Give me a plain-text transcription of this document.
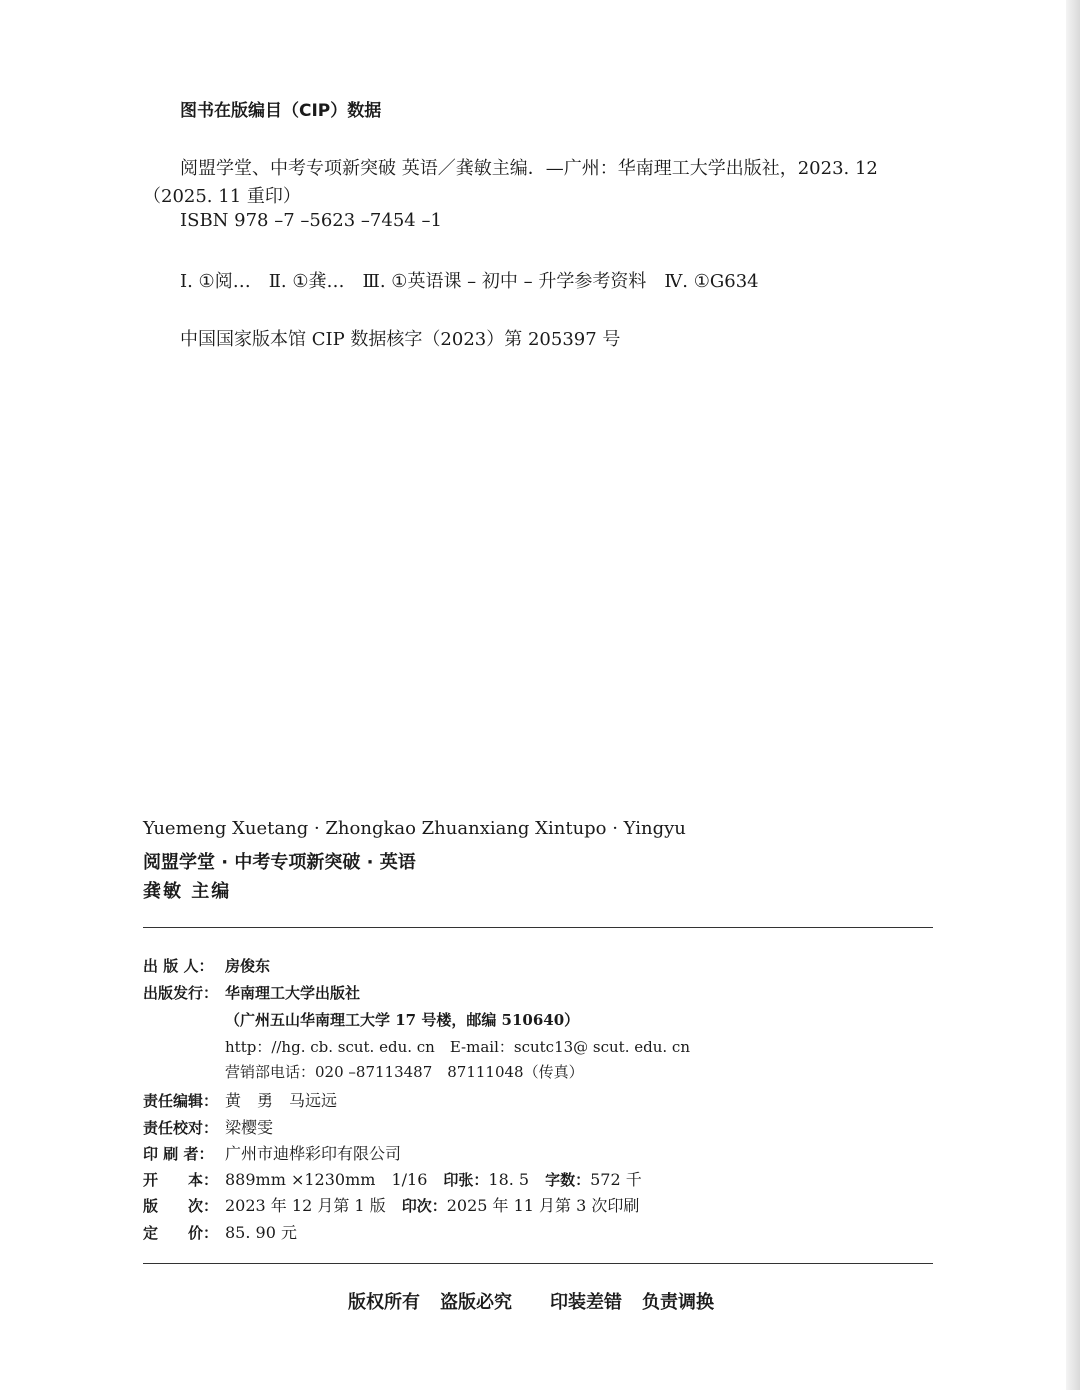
图书在版编目（CIP）数据
阅盟学堂、中考专项新突破 英语／龚敏主编．—广州：华南理工大学出版社，2023. 12
（2025. 11 重印）
ISBN 978 –7 –5623 –7454 –1
Ⅰ. ①阅…　Ⅱ. ①龚…　Ⅲ. ①英语课 – 初中 – 升学参考资料　Ⅳ. ①G634
中国国家版本馆 CIP 数据核字（2023）第 205397 号
Yuemeng Xuetang · Zhongkao Zhuanxiang Xintupo · Yingyu
阅盟学堂 · 中考专项新突破 · 英语
龚敏 主编
出 版 人： 房俊东
出版发行： 华南理工大学出版社
（广州五山华南理工大学 17 号楼，邮编 510640）
http：//hg. cb. scut. edu. cn　E-mail：scutc13@ scut. edu. cn
营销部电话：020 –87113487　87111048（传真）
责任编辑： 黄　勇　马远远
责任校对： 梁樱雯
印 刷 者： 广州市迪桦彩印有限公司
开　　本： 889mm ×1230mm　1/16　印张：18. 5　字数：572 千
版　　次： 2023 年 12 月第 1 版　印次：2025 年 11 月第 3 次印刷
定　　价： 85. 90 元
版权所有 盗版必究 印装差错 负责调换
